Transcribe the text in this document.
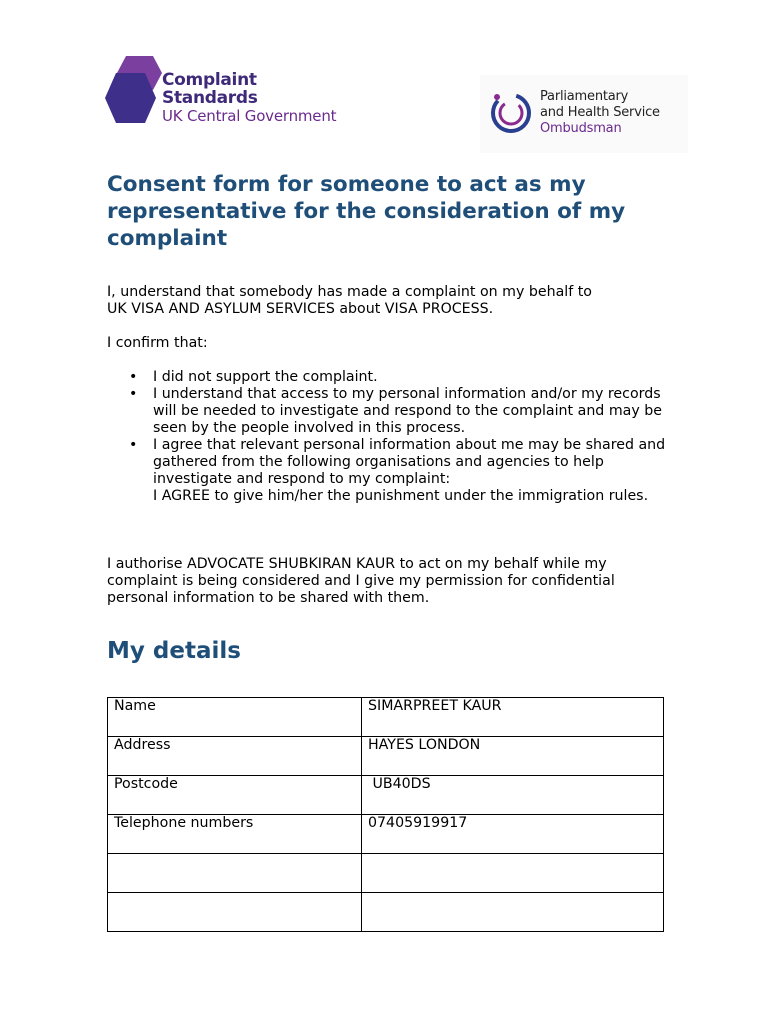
Complaint
Standards
UK Central Government
Parliamentary
and Health Service
Ombudsman
Consent form for someone to act as my representative for the consideration of my complaint

I, understand that somebody has made a complaint on my behalf to
UK VISA AND ASYLUM SERVICES about VISA PROCESS.

I confirm that:

• I did not support the complaint.
• I understand that access to my personal information and/or my records will be needed to investigate and respond to the complaint and may be seen by the people involved in this process.
• I agree that relevant personal information about me may be shared and gathered from the following organisations and agencies to help investigate and respond to my complaint:
I AGREE to give him/her the punishment under the immigration rules.

I authorise ADVOCATE SHUBKIRAN KAUR to act on my behalf while my complaint is being considered and I give my permission for confidential personal information to be shared with them.

My details
Name	SIMARPREET KAUR
Address	HAYES LONDON
Postcode	UB40DS
Telephone numbers	07405919917
